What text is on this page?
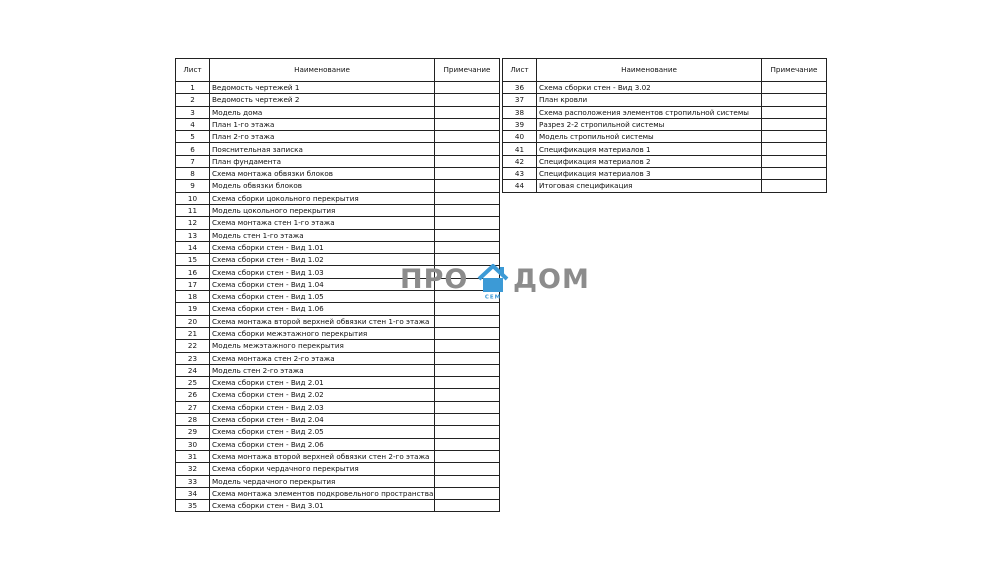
Лист	Наименование	Примечание
1	Ведомость чертежей 1	
2	Ведомость чертежей 2	
3	Модель дома	
4	План 1-го этажа	
5	План 2-го этажа	
6	Пояснительная записка	
7	План фундамента	
8	Схема монтажа обвязки блоков	
9	Модель обвязки блоков	
10	Схема сборки цокольного перекрытия	
11	Модель цокольного перекрытия	
12	Схема монтажа стен 1-го этажа	
13	Модель стен 1-го этажа	
14	Схема сборки стен - Вид 1.01	
15	Схема сборки стен - Вид 1.02	
16	Схема сборки стен - Вид 1.03	
17	Схема сборки стен - Вид 1.04	
18	Схема сборки стен - Вид 1.05	
19	Схема сборки стен - Вид 1.06	
20	Схема монтажа второй верхней обвязки стен 1-го этажа	
21	Схема сборки межэтажного перекрытия	
22	Модель межэтажного перекрытия	
23	Схема монтажа стен 2-го этажа	
24	Модель стен 2-го этажа	
25	Схема сборки стен - Вид 2.01	
26	Схема сборки стен - Вид 2.02	
27	Схема сборки стен - Вид 2.03	
28	Схема сборки стен - Вид 2.04	
29	Схема сборки стен - Вид 2.05	
30	Схема сборки стен - Вид 2.06	
31	Схема монтажа второй верхней обвязки стен 2-го этажа	
32	Схема сборки чердачного перекрытия	
33	Модель чердачного перекрытия	
34	Схема монтажа элементов подкровельного пространства	
35	Схема сборки стен - Вид 3.01	
Лист	Наименование	Примечание
36	Схема сборки стен - Вид 3.02	
37	План кровли	
38	Схема расположения элементов стропильной системы	
39	Разрез 2-2 стропильной системы	
40	Модель стропильной системы	
41	Спецификация материалов 1	
42	Спецификация материалов 2	
43	Спецификация материалов 3	
44	Итоговая спецификация	
ПРО
СЕМ
ДОМ
